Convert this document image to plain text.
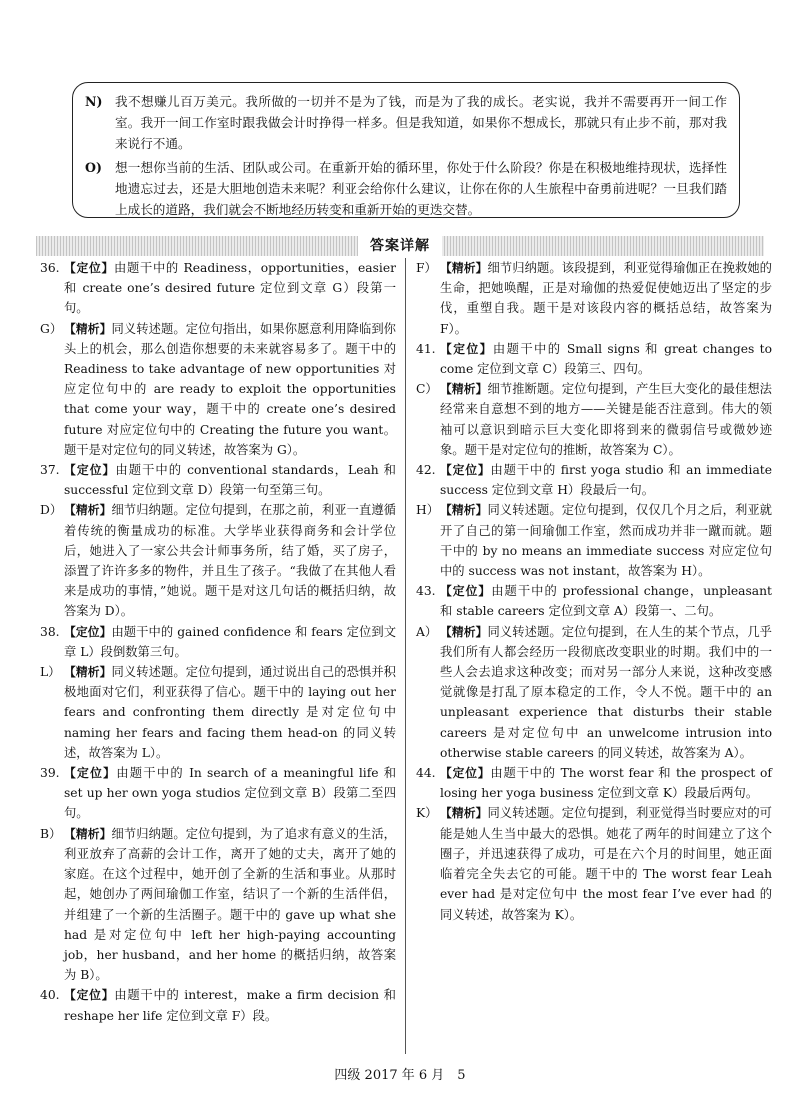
N) 我不想赚儿百万美元。我所做的一切并不是为了钱，而是为了我的成长。老实说，我并不需要再开一间工作室。我开一间工作室时跟我做会计时挣得一样多。但是我知道，如果你不想成长，那就只有止步不前，那对我来说行不通。
O)	想一想你当前的生活、团队或公司。在重新开始的循环里，你处于什么阶段？你是在积极地维持现状，选择性地遗忘过去，还是大胆地创造未来呢？利亚会给你什么建议，让你在你的人生旅程中奋勇前进呢？一旦我们踏上成长的道路，我们就会不断地经历转变和重新开始的更迭交替。
答案详解
36. 【定位】由题干中的 Readiness，opportunities，easier 和 create one’s desired future 定位到文章 G）段第一句。
G） 【精析】同义转述题。定位句指出，如果你愿意利用降临到你头上的机会，那么创造你想要的未来就容易多了。题干中的 Readiness to take advantage of new opportunities 对应定位句中的 are ready to exploit the opportunities that come your way，题干中的 create one’s desired future 对应定位句中的 Creating the future you want。题干是对定位句的同义转述，故答案为 G）。
37. 【定位】由题干中的 conventional standards，Leah 和 successful 定位到文章 D）段第一句至第三句。
D） 【精析】细节归纳题。定位句提到，在那之前，利亚一直遵循着传统的衡量成功的标准。大学毕业获得商务和会计学位后，她进入了一家公共会计师事务所，结了婚，买了房子，添置了许许多多的物件，并且生了孩子。“我做了在其他人看来是成功的事情，”她说。题干是对这几句话的概括归纳，故答案为 D）。
38. 【定位】由题干中的 gained confidence 和 fears 定位到文章 L）段倒数第三句。
L） 【精析】同义转述题。定位句提到，通过说出自己的恐惧并积极地面对它们，利亚获得了信心。题干中的 laying out her fears and confronting them directly 是对定位句中 naming her fears and facing them head-on 的同义转述，故答案为 L）。
39. 【定位】由题干中的 In search of a meaningful life 和 set up her own yoga studios 定位到文章 B）段第二至四句。
B） 【精析】细节归纳题。定位句提到，为了追求有意义的生活，利亚放弃了高薪的会计工作，离开了她的丈夫，离开了她的家庭。在这个过程中，她开创了全新的生活和事业。从那时起，她创办了两间瑜伽工作室，结识了一个新的生活伴侣，并组建了一个新的生活圈子。题干中的 gave up what she had 是对定位句中 left her high-paying accounting job，her husband，and her home 的概括归纳，故答案为 B）。
40. 【定位】由题干中的 interest，make a firm decision 和 reshape her life 定位到文章 F）段。
F） 【精析】细节归纳题。该段提到，利亚觉得瑜伽正在挽救她的生命，把她唤醒，正是对瑜伽的热爱促使她迈出了坚定的步伐，重塑自我。题干是对该段内容的概括总结，故答案为 F）。
41. 【定位】由题干中的 Small signs 和 great changes to come 定位到文章 C）段第三、四句。
C） 【精析】细节推断题。定位句提到，产生巨大变化的最佳想法经常来自意想不到的地方——关键是能否注意到。伟大的领袖可以意识到暗示巨大变化即将到来的微弱信号或微妙迹象。题干是对定位句的推断，故答案为 C）。
42. 【定位】由题干中的 first yoga studio 和 an immediate success 定位到文章 H）段最后一句。
H） 【精析】同义转述题。定位句提到，仅仅几个月之后，利亚就开了自己的第一间瑜伽工作室，然而成功并非一蹴而就。题干中的 by no means an immediate success 对应定位句中的 success was not instant，故答案为 H）。
43. 【定位】由题干中的 professional change，unpleasant 和 stable careers 定位到文章 A）段第一、二句。
A） 【精析】同义转述题。定位句提到，在人生的某个节点，几乎我们所有人都会经历一段彻底改变职业的时期。我们中的一些人会去追求这种改变；而对另一部分人来说，这种改变感觉就像是打乱了原本稳定的工作，令人不悦。题干中的 an unpleasant experience that disturbs their stable careers 是对定位句中 an unwelcome intrusion into otherwise stable careers 的同义转述，故答案为 A）。
44. 【定位】由题干中的 The worst fear 和 the prospect of losing her yoga business 定位到文章 K）段最后两句。
K） 【精析】同义转述题。定位句提到，利亚觉得当时要应对的可能是她人生当中最大的恐惧。她花了两年的时间建立了这个圈子，并迅速获得了成功，可是在六个月的时间里，她正面临着完全失去它的可能。题干中的 The worst fear Leah ever had 是对定位句中 the most fear I’ve ever had 的同义转述，故答案为 K）。
四级 2017 年 6 月　5
